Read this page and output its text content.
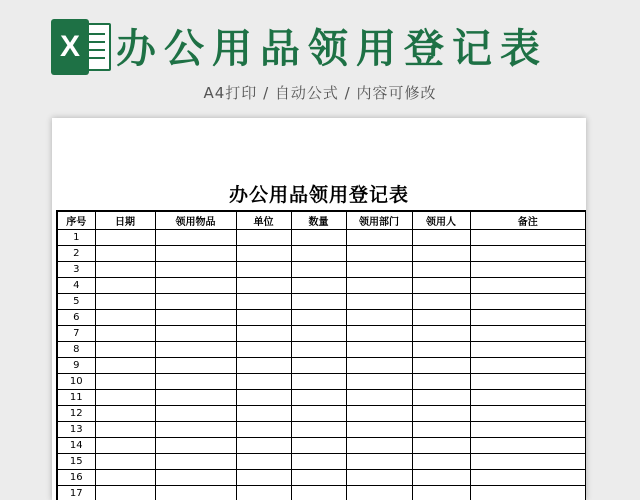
X 办公用品领用登记表
A4打印 / 自动公式 / 内容可修改
办公用品领用登记表
序号	日期	领用物品	单位	数量	领用部门	领用人	备注
1							
2							
3							
4							
5							
6							
7							
8							
9							
10							
11							
12							
13							
14							
15							
16							
17							
